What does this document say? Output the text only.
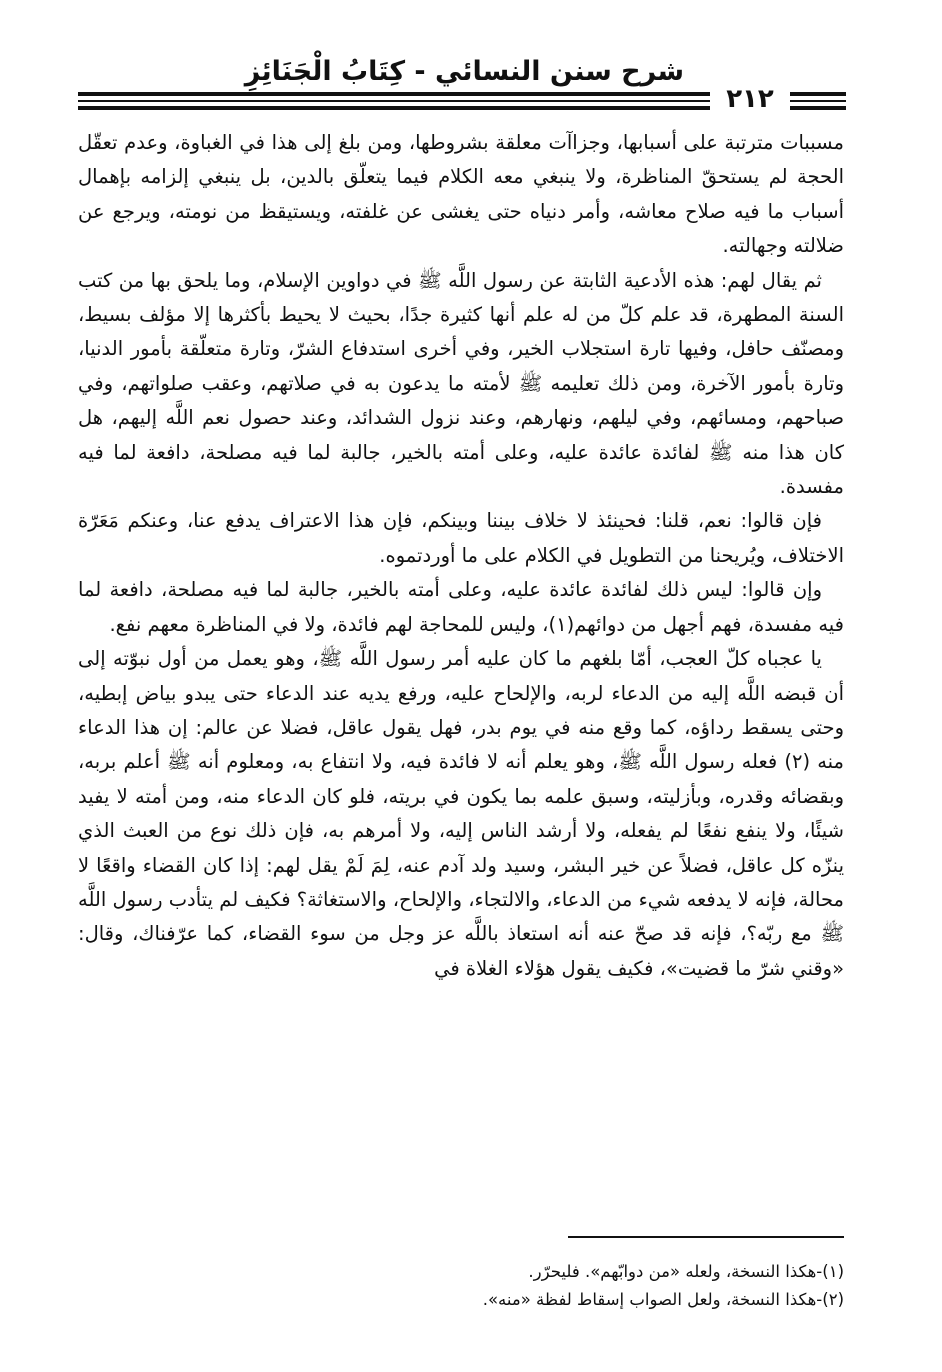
شرح سنن النسائي - كِتَابُ الْجَنَائِزِ
٢١٢

مسببات مترتبة على أسبابها، وجزاآت معلقة بشروطها، ومن بلغ إلى هذا في الغباوة، وعدم تعقّل الحجة لم يستحقّ المناظرة، ولا ينبغي معه الكلام فيما يتعلّق بالدين، بل ينبغي إلزامه بإهمال أسباب ما فيه صلاح معاشه، وأمر دنياه حتى يغشى عن غلفته، ويستيقظ من نومته، ويرجع عن ضلالته وجهالته.

ثم يقال لهم: هذه الأدعية الثابتة عن رسول اللَّه ﷺ في دواوين الإسلام، وما يلحق بها من كتب السنة المطهرة، قد علم كلّ من له علم أنها كثيرة جدًا، بحيث لا يحيط بأكثرها إلا مؤلف بسيط، ومصنّف حافل، وفيها تارة استجلاب الخير، وفي أخرى استدفاع الشرّ، وتارة متعلّقة بأمور الدنيا، وتارة بأمور الآخرة، ومن ذلك تعليمه ﷺ لأمته ما يدعون به في صلاتهم، وعقب صلواتهم، وفي صباحهم، ومسائهم، وفي ليلهم، ونهارهم، وعند نزول الشدائد، وعند حصول نعم اللَّه إليهم، هل كان هذا منه ﷺ لفائدة عائدة عليه، وعلى أمته بالخير، جالبة لما فيه مصلحة، دافعة لما فيه مفسدة.

فإن قالوا: نعم، قلنا: فحينئذ لا خلاف بيننا وبينكم، فإن هذا الاعتراف يدفع عنا، وعنكم مَعَرّة الاختلاف، ويُريحنا من التطويل في الكلام على ما أوردتموه.

وإن قالوا: ليس ذلك لفائدة عائدة عليه، وعلى أمته بالخير، جالبة لما فيه مصلحة، دافعة لما فيه مفسدة، فهم أجهل من دوائهم(١)، وليس للمحاجة لهم فائدة، ولا في المناظرة معهم نفع.

يا عجباه كلّ العجب، أمّا بلغهم ما كان عليه أمر رسول اللَّه ﷺ، وهو يعمل من أول نبوّته إلى أن قبضه اللَّه إليه من الدعاء لربه، والإلحاح عليه، ورفع يديه عند الدعاء حتى يبدو بياض إبطيه، وحتى يسقط رداؤه، كما وقع منه في يوم بدر، فهل يقول عاقل، فضلا عن عالم: إن هذا الدعاء منه (٢) فعله رسول اللَّه ﷺ، وهو يعلم أنه لا فائدة فيه، ولا انتفاع به، ومعلوم أنه ﷺ أعلم بربه، وبقضائه وقدره، وبأزليته، وسبق علمه بما يكون في بريته، فلو كان الدعاء منه، ومن أمته لا يفيد شيئًا، ولا ينفع نفعًا لم يفعله، ولا أرشد الناس إليه، ولا أمرهم به، فإن ذلك نوع من العبث الذي ينزّه كل عاقل، فضلاً عن خير البشر، وسيد ولد آدم عنه، لِمَ لَمْ يقل لهم: إذا كان القضاء واقعًا لا محالة، فإنه لا يدفعه شيء من الدعاء، والالتجاء، والإلحاح، والاستغاثة؟ فكيف لم يتأدب رسول اللَّه ﷺ مع ربّه؟، فإنه قد صحّ عنه أنه استعاذ باللَّه عز وجل من سوء القضاء، كما عرّفناك، وقال: «وقني شرّ ما قضيت»، فكيف يقول هؤلاء الغلاة في

(١)-هكذا النسخة، ولعله «من دوابّهم». فليحرّر.
(٢)-هكذا النسخة، ولعل الصواب إسقاط لفظة «منه».
